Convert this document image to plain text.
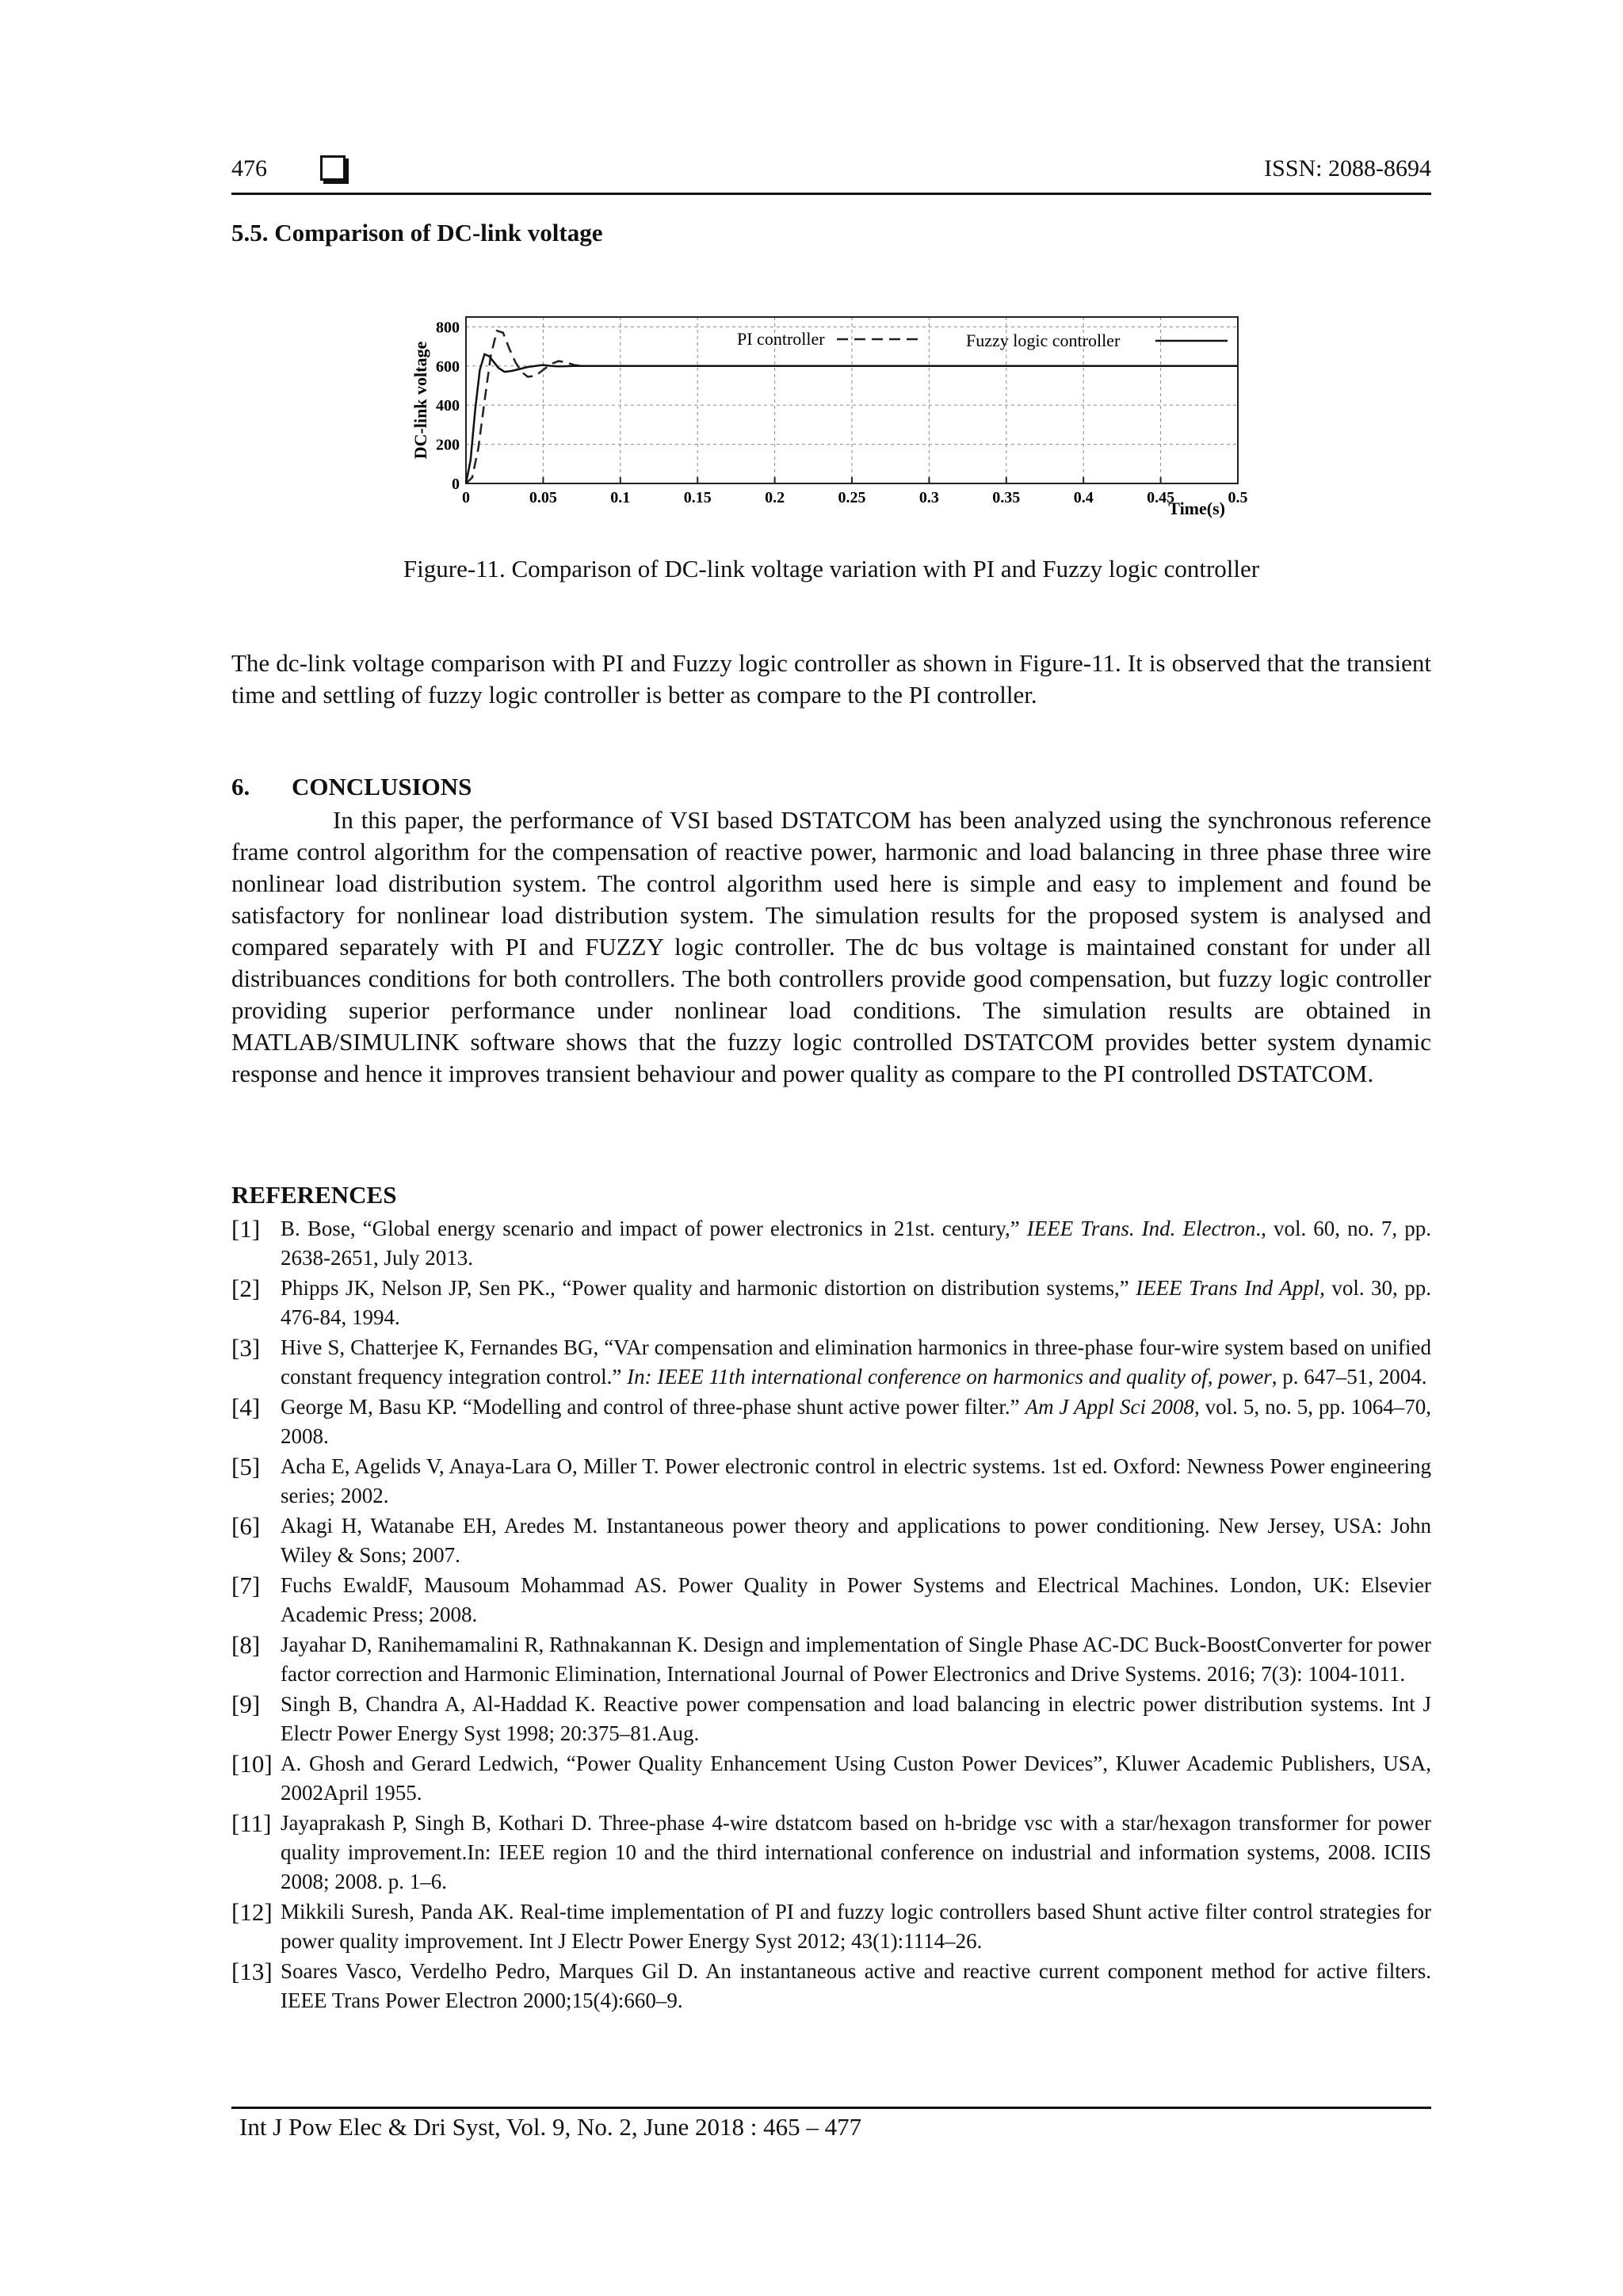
476	ISSN: 2088-8694
5.5. Comparison of DC-link voltage
0	0.05	0.1	0.15	0.2	0.25	0.3	0.35	0.4	0.45	0.5
0
200
400
600
800
PI controller	Fuzzy logic controller
Time(s)
DC-link voltage
Figure-11. Comparison of DC-link voltage variation with PI and Fuzzy logic controller
The dc-link voltage comparison with PI and Fuzzy logic controller as shown in Figure-11. It is observed that the transient time and settling of fuzzy logic controller is better as compare to the PI controller.
6. CONCLUSIONS
In this paper, the performance of VSI based DSTATCOM has been analyzed using the synchronous reference frame control algorithm for the compensation of reactive power, harmonic and load balancing in three phase three wire nonlinear load distribution system. The control algorithm used here is simple and easy to implement and found be satisfactory for nonlinear load distribution system. The simulation results for the proposed system is analysed and compared separately with PI and FUZZY logic controller. The dc bus voltage is maintained constant for under all distribuances conditions for both controllers. The both controllers provide good compensation, but fuzzy logic controller providing superior performance under nonlinear load conditions. The simulation results are obtained in MATLAB/SIMULINK software shows that the fuzzy logic controlled DSTATCOM provides better system dynamic response and hence it improves transient behaviour and power quality as compare to the PI controlled DSTATCOM.
REFERENCES
[1] B. Bose, “Global energy scenario and impact of power electronics in 21st. century,” IEEE Trans. Ind. Electron., vol. 60, no. 7, pp. 2638-2651, July 2013.
[2] Phipps JK, Nelson JP, Sen PK., “Power quality and harmonic distortion on distribution systems,” IEEE Trans Ind Appl, vol. 30, pp. 476-84, 1994.
[3] Hive S, Chatterjee K, Fernandes BG, “VAr compensation and elimination harmonics in three-phase four-wire system based on unified constant frequency integration control.” In: IEEE 11th international conference on harmonics and quality of, power, p. 647–51, 2004.
[4] George M, Basu KP. “Modelling and control of three-phase shunt active power filter.” Am J Appl Sci 2008, vol. 5, no. 5, pp. 1064–70, 2008.
[5] Acha E, Agelids V, Anaya-Lara O, Miller T. Power electronic control in electric systems. 1st ed. Oxford: Newness Power engineering series; 2002.
[6] Akagi H, Watanabe EH, Aredes M. Instantaneous power theory and applications to power conditioning. New Jersey, USA: John Wiley & Sons; 2007.
[7] Fuchs EwaldF, Mausoum Mohammad AS. Power Quality in Power Systems and Electrical Machines. London, UK: Elsevier Academic Press; 2008.
[8] Jayahar D, Ranihemamalini R, Rathnakannan K. Design and implementation of Single Phase AC-DC Buck-BoostConverter for power factor correction and Harmonic Elimination, International Journal of Power Electronics and Drive Systems. 2016; 7(3): 1004-1011.
[9] Singh B, Chandra A, Al-Haddad K. Reactive power compensation and load balancing in electric power distribution systems. Int J Electr Power Energy Syst 1998; 20:375–81.Aug.
[10] A. Ghosh and Gerard Ledwich, “Power Quality Enhancement Using Custon Power Devices”, Kluwer Academic Publishers, USA, 2002April 1955.
[11] Jayaprakash P, Singh B, Kothari D. Three-phase 4-wire dstatcom based on h-bridge vsc with a star/hexagon transformer for power quality improvement.In: IEEE region 10 and the third international conference on industrial and information systems, 2008. ICIIS 2008; 2008. p. 1–6.
[12] Mikkili Suresh, Panda AK. Real-time implementation of PI and fuzzy logic controllers based Shunt active filter control strategies for power quality improvement. Int J Electr Power Energy Syst 2012; 43(1):1114–26.
[13] Soares Vasco, Verdelho Pedro, Marques Gil D. An instantaneous active and reactive current component method for active filters. IEEE Trans Power Electron 2000;15(4):660–9.
Int J Pow Elec & Dri Syst, Vol. 9, No. 2, June 2018 : 465 – 477
